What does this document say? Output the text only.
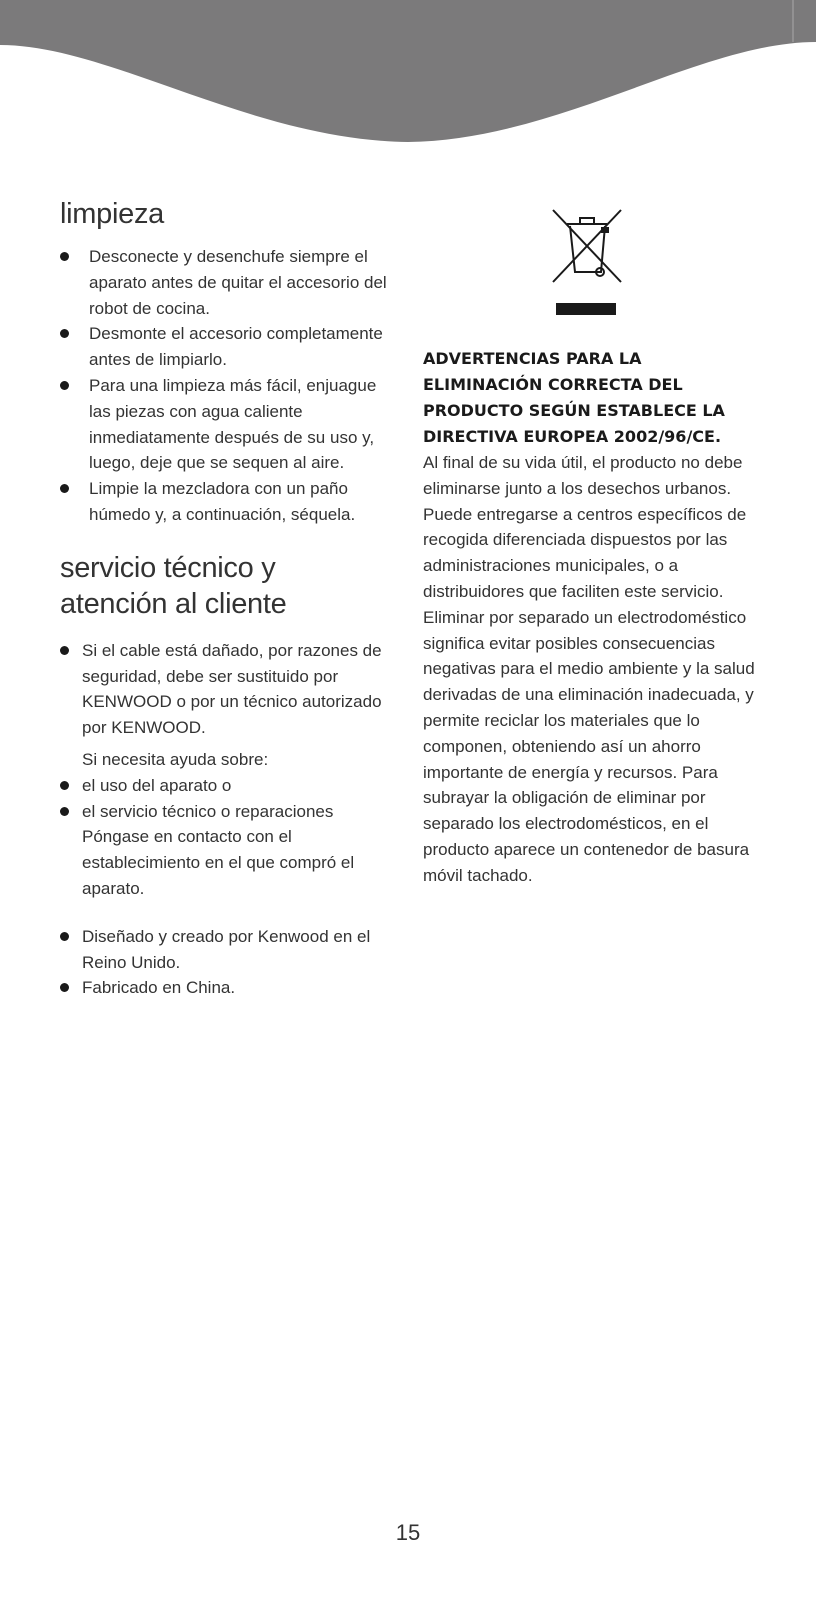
limpieza
Desconecte y desenchufe siempre el aparato antes de quitar el accesorio del robot de cocina.
Desmonte el accesorio completamente antes de limpiarlo.
Para una limpieza más fácil, enjuague las piezas con agua caliente inmediatamente después de su uso y, luego, deje que se sequen al aire.
Limpie la mezcladora con un paño húmedo y, a continuación, séquela.
servicio técnico y
atención al cliente
Si el cable está dañado, por razones de seguridad, debe ser sustituido por KENWOOD o por un técnico autorizado por KENWOOD.

Si necesita ayuda sobre:

el uso del aparato o
el servicio técnico o reparaciones Póngase en contacto con el establecimiento en el que compró el aparato.
Diseñado y creado por Kenwood en el Reino Unido.
Fabricado en China.

ADVERTENCIAS PARA LA ELIMINACIÓN CORRECTA DEL PRODUCTO SEGÚN ESTABLECE LA DIRECTIVA EUROPEA 2002/96/CE.

Al final de su vida útil, el producto no debe eliminarse junto a los desechos urbanos. Puede entregarse a centros específicos de recogida diferenciada dispuestos por las administraciones municipales, o a distribuidores que faciliten este servicio. Eliminar por separado un electrodoméstico significa evitar posibles consecuencias negativas para el medio ambiente y la salud derivadas de una eliminación inadecuada, y permite reciclar los materiales que lo componen, obteniendo así un ahorro importante de energía y recursos. Para subrayar la obligación de eliminar por separado los electrodomésticos, en el producto aparece un contenedor de basura móvil tachado.

15
